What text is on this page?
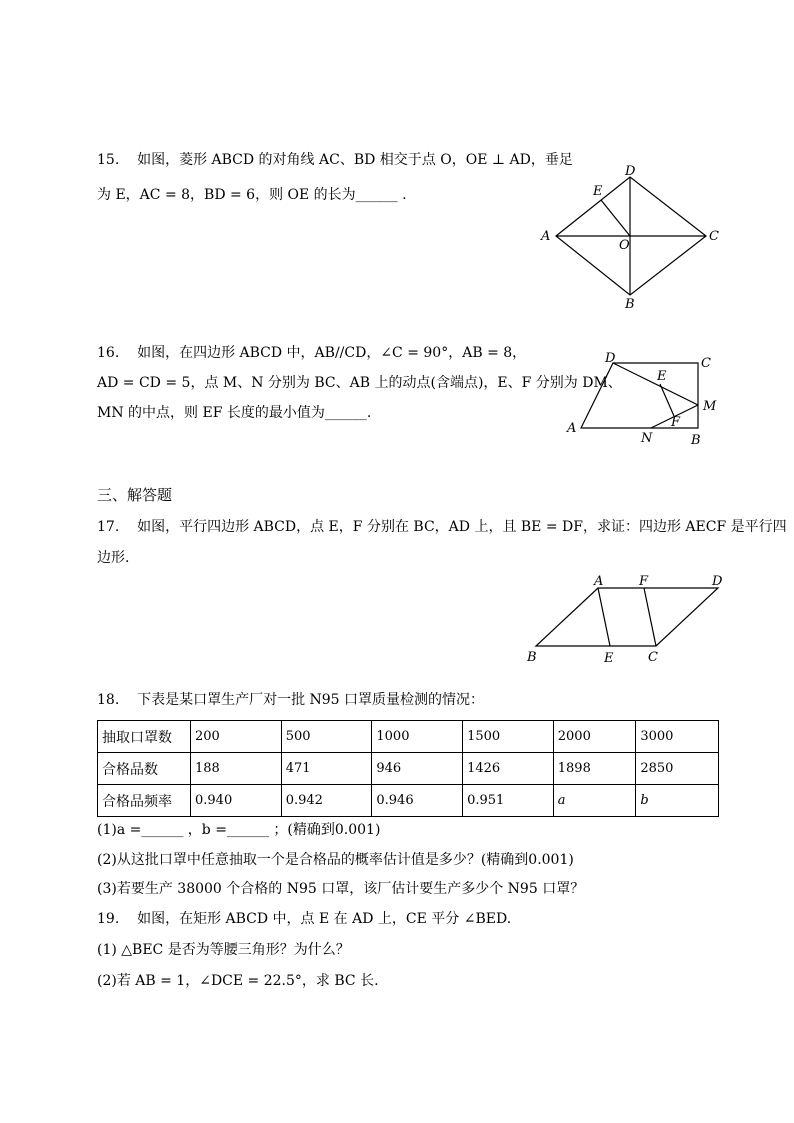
15.    如图，菱形 ABCD 的对角线 AC、BD 相交于点 O，OE ⊥ AD，垂足
为 E，AC = 8，BD = 6，则 OE 的长为______ .
A
D
C
B
E
O
16.    如图，在四边形 ABCD 中，AB//CD，∠C = 90°，AB = 8，
AD = CD = 5，点 M、N 分别为 BC、AB 上的动点(含端点)，E、F 分别为 DM、
MN 的中点，则 EF 长度的最小值为______.
A
D	C
B
M
N
E
F
三、解答题
17.    如图，平行四边形 ABCD，点 E，F 分别在 BC，AD 上，且 BE = DF，求证：四边形 AECF 是平行四
边形.
A	F	D
B	E	C
18.    下表是某口罩生产厂对一批 N95 口罩质量检测的情况：
抽取口罩数	200	500	1000	1500	2000	3000
合格品数	188	471	946	1426	1898	2850
合格品频率	0.940	0.942	0.946	0.951	a	b
(1)a =______ ，b =______ ；(精确到0.001)
(2)从这批口罩中任意抽取一个是合格品的概率估计值是多少？(精确到0.001)
(3)若要生产 38000 个合格的 N95 口罩，该厂估计要生产多少个 N95 口罩？
19.    如图，在矩形 ABCD 中，点 E 在 AD 上，CE 平分 ∠BED.
(1) △BEC 是否为等腰三角形？为什么？
(2)若 AB = 1，∠DCE = 22.5°，求 BC 长.
